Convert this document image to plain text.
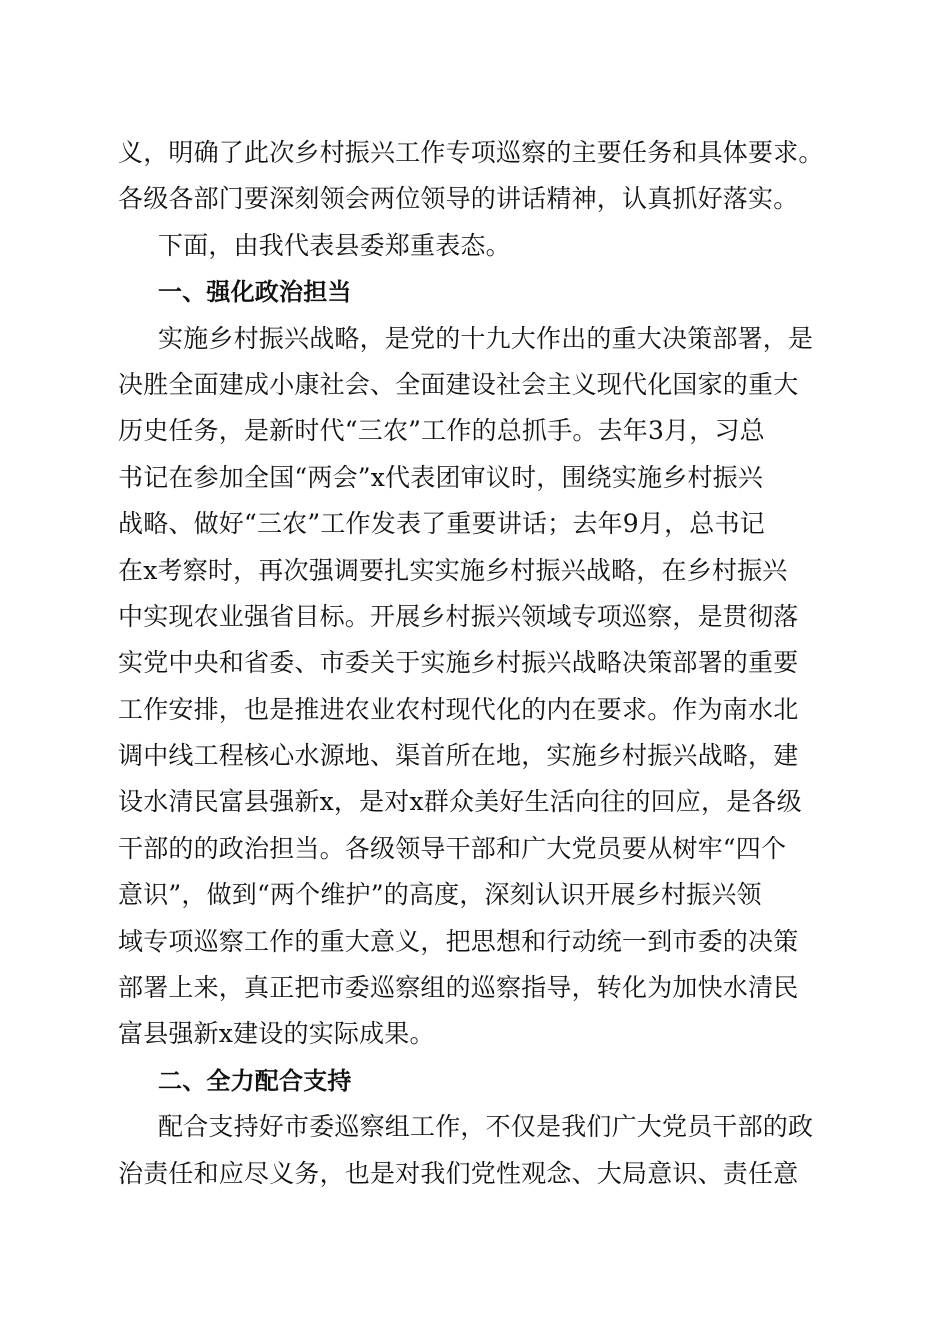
义，明确了此次乡村振兴工作专项巡察的主要任务和具体要求。
各级各部门要深刻领会两位领导的讲话精神，认真抓好落实。
下面，由我代表县委郑重表态。
一、强化政治担当
实施乡村振兴战略，是党的十九大作出的重大决策部署，是
决胜全面建成小康社会、全面建设社会主义现代化国家的重大
历史任务，是新时代“三农”工作的总抓手。去年3月，习总
书记在参加全国“两会”x代表团审议时，围绕实施乡村振兴
战略、做好“三农”工作发表了重要讲话；去年9月，总书记
在x考察时，再次强调要扎实实施乡村振兴战略，在乡村振兴
中实现农业强省目标。开展乡村振兴领域专项巡察，是贯彻落
实党中央和省委、市委关于实施乡村振兴战略决策部署的重要
工作安排，也是推进农业农村现代化的内在要求。作为南水北
调中线工程核心水源地、渠首所在地，实施乡村振兴战略，建
设水清民富县强新x，是对x群众美好生活向往的回应，是各级
干部的的政治担当。各级领导干部和广大党员要从树牢“四个
意识”，做到“两个维护”的高度，深刻认识开展乡村振兴领
域专项巡察工作的重大意义，把思想和行动统一到市委的决策
部署上来，真正把市委巡察组的巡察指导，转化为加快水清民
富县强新x建设的实际成果。
二、全力配合支持
配合支持好市委巡察组工作，不仅是我们广大党员干部的政
治责任和应尽义务，也是对我们党性观念、大局意识、责任意
